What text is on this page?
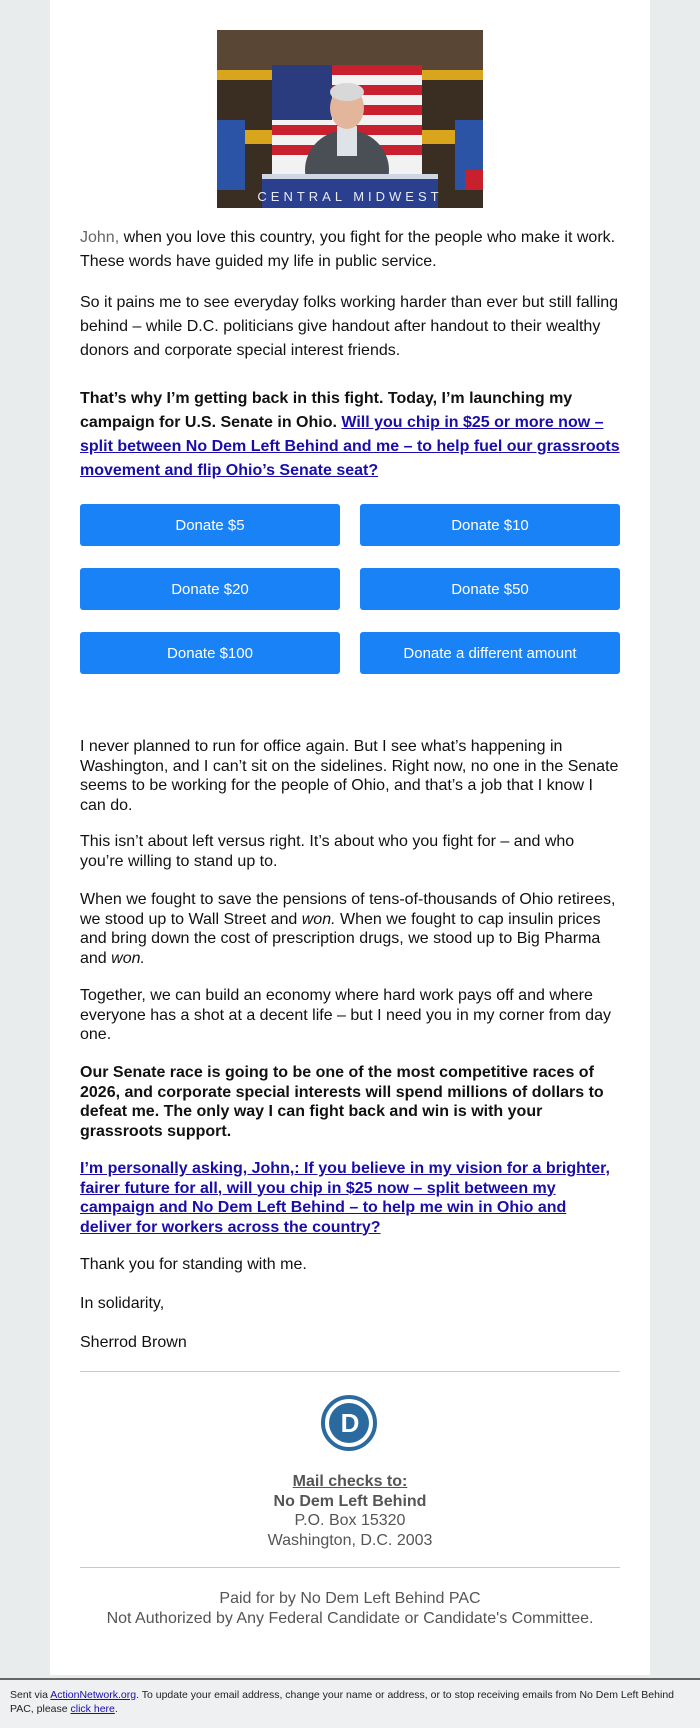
CENTRAL MIDWEST

John, when you love this country, you fight for the people who make it work. These words have guided my life in public service.

So it pains me to see everyday folks working harder than ever but still falling behind – while D.C. politicians give handout after handout to their wealthy donors and corporate special interest friends.

That’s why I’m getting back in this fight. Today, I’m launching my campaign for U.S. Senate in Ohio. Will you chip in $25 or more now – split between No Dem Left Behind and me – to help fuel our grassroots movement and flip Ohio’s Senate seat?

Donate $5	Donate $10
Donate $20	Donate $50
Donate $100	Donate a different amount

I never planned to run for office again. But I see what’s happening in Washington, and I can’t sit on the sidelines. Right now, no one in the Senate seems to be working for the people of Ohio, and that’s a job that I know I can do.

This isn’t about left versus right. It’s about who you fight for – and who you’re willing to stand up to.

When we fought to save the pensions of tens-of-thousands of Ohio retirees, we stood up to Wall Street and won. When we fought to cap insulin prices and bring down the cost of prescription drugs, we stood up to Big Pharma and won.

Together, we can build an economy where hard work pays off and where everyone has a shot at a decent life – but I need you in my corner from day one.

Our Senate race is going to be one of the most competitive races of 2026, and corporate special interests will spend millions of dollars to defeat me. The only way I can fight back and win is with your grassroots support.

I’m personally asking, John,: If you believe in my vision for a brighter, fairer future for all, will you chip in $25 now – split between my campaign and No Dem Left Behind – to help me win in Ohio and deliver for workers across the country?

Thank you for standing with me.

In solidarity,

Sherrod Brown

D
Mail checks to:
No Dem Left Behind
P.O. Box 15320
Washington, D.C. 2003
Paid for by No Dem Left Behind PAC
Not Authorized by Any Federal Candidate or Candidate's Committee.
Sent via ActionNetwork.org. To update your email address, change your name or address, or to stop receiving emails from No Dem Left Behind PAC, please click here.
